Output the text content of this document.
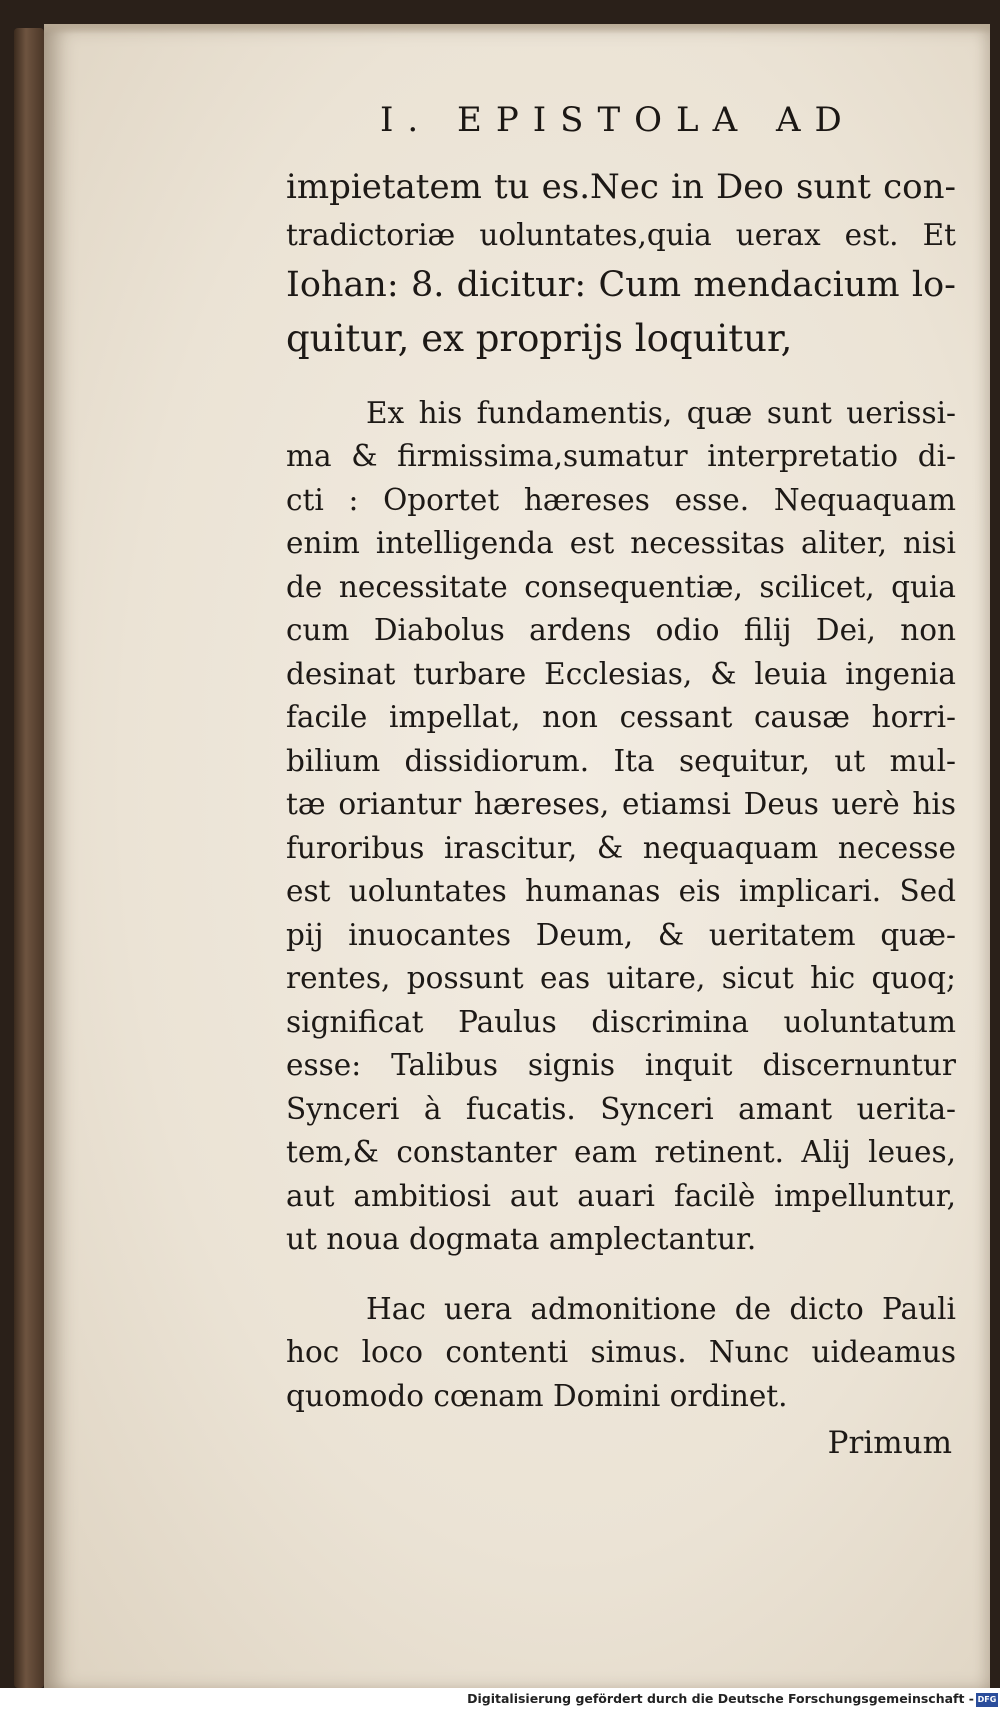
I. EPISTOLA AD
impietatem tu es.Nec in Deo sunt con-
tradictoriæ uoluntates,quia uerax est. Et
Iohan: 8. dicitur: Cum mendacium lo-
quitur, ex proprijs loquitur,
Ex his fundamentis, quæ sunt uerissi-
ma & firmissima,sumatur interpretatio di-
cti : Oportet hæreses esse. Nequaquam
enim intelligenda est necessitas aliter, nisi
de necessitate consequentiæ, scilicet, quia
cum Diabolus ardens odio filij Dei, non
desinat turbare Ecclesias, & leuia ingenia
facile impellat, non cessant causæ horri-
bilium dissidiorum. Ita sequitur, ut mul-
tæ oriantur hæreses, etiamsi Deus uerè his
furoribus irascitur, & nequaquam necesse
est uoluntates humanas eis implicari. Sed
pij inuocantes Deum, & ueritatem quæ-
rentes, possunt eas uitare, sicut hic quoq;
significat Paulus discrimina uoluntatum
esse: Talibus signis inquit discernuntur
Synceri à fucatis. Synceri amant uerita-
tem,& constanter eam retinent. Alij leues,
aut ambitiosi aut auari facilè impelluntur,
ut noua dogmata amplectantur.
Hac uera admonitione de dicto Pauli
hoc loco contenti simus. Nunc uideamus
quomodo cœnam Domini ordinet.
Primum
Digitalisierung gefördert durch die Deutsche Forschungsgemeinschaft - DFG
